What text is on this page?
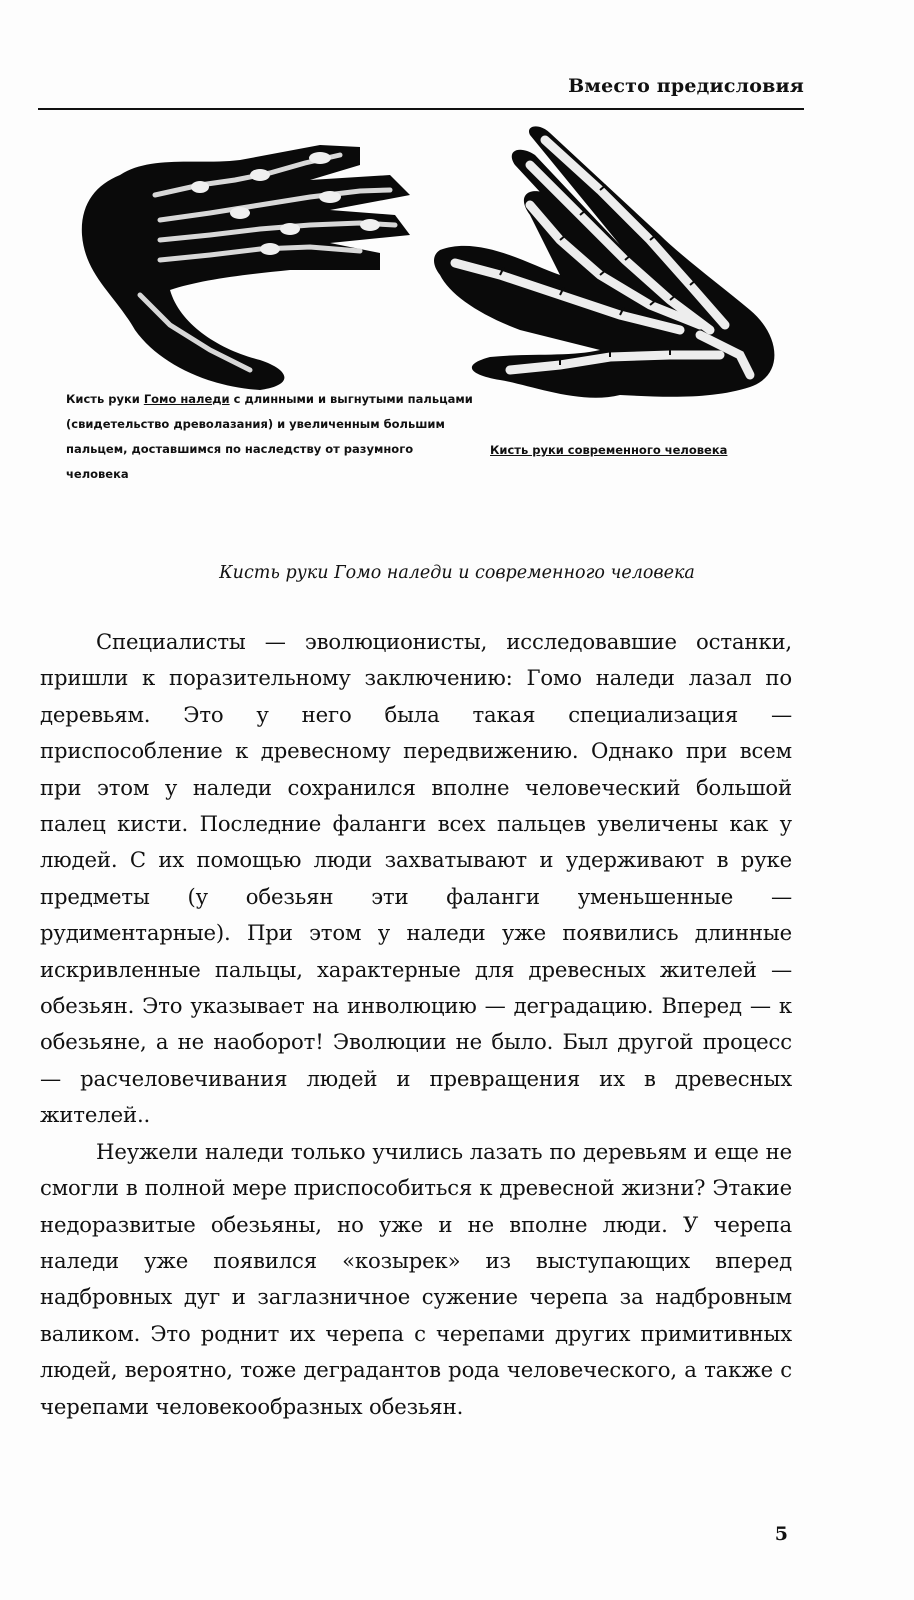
Вместо предисловия
Кисть руки Гомо наледи с длинными и выгнутыми пальцами (свидетельство древолазания) и увеличенным большим пальцем, доставшимся по наследству от разумного человека
Кисть руки современного человека
Кисть руки Гомо наледи и современного человека

Специалисты — эволюционисты, исследовавшие останки, пришли к поразительному заключению: Гомо наледи лазал по деревьям. Это у него была такая специализация — приспособление к древесному передвижению. Однако при всем при этом у наледи сохранился вполне человеческий большой палец кисти. Последние фаланги всех пальцев увеличены как у людей. С их помощью люди захватывают и удерживают в руке предметы (у обезьян эти фаланги уменьшенные — рудиментарные). При этом у наледи уже появились длинные искривленные пальцы, характерные для древесных жителей — обезьян. Это указывает на инволюцию — деградацию. Вперед — к обезьяне, а не наоборот! Эволюции не было. Был другой процесс — расчеловечивания людей и превращения их в древесных жителей..

Неужели наледи только учились лазать по деревьям и еще не смогли в полной мере приспособиться к древесной жизни? Этакие недоразвитые обезьяны, но уже и не вполне люди. У черепа наледи уже появился «козырек» из выступающих вперед надбровных дуг и заглазничное сужение черепа за надбровным валиком. Это роднит их черепа с черепами других примитивных людей, вероятно, тоже деградантов рода человеческого, а также с черепами человекообразных обезьян.

5
